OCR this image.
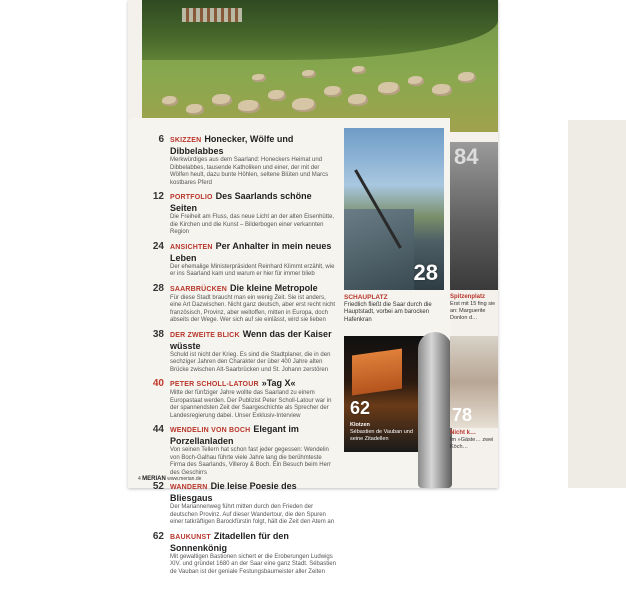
6 SKIZZEN Honecker, Wölfe und Dibbelabbes
Merkwürdiges aus dem Saarland: Honeckers Heimat und Dibbelabbes, tausende Katholiken und einer, der mit der Wölfen heult, dazu bunte Höhlen, seltene Blüten und Marcs kostbares Pferd
12 PORTFOLIO Des Saarlands schöne Seiten
Die Freiheit am Fluss, das neue Licht an der alten Eisenhütte, die Kirchen und die Kunst – Bilderbogen einer verkannten Region
24 ANSICHTEN Per Anhalter in mein neues Leben
Der ehemalige Ministerpräsident Reinhard Klimmt erzählt, wie er ins Saarland kam und warum er hier für immer blieb
28 SAARBRÜCKEN Die kleine Metropole
Für diese Stadt braucht man ein wenig Zeit. Sie ist anders, eine Art Dazwischen. Nicht ganz deutsch, aber erst recht nicht französisch, Provinz, aber weltoffen, mitten in Europa, doch abseits der Wege. Wer sich auf sie einlässt, wird sie lieben
38 DER ZWEITE BLICK Wenn das der Kaiser wüsste
Schuld ist nicht der Krieg. Es sind die Stadtplaner, die in den sechziger Jahren den Charakter der über 400 Jahre alten Brücke zwischen Alt-Saarbrücken und St. Johann zerstören
40 PETER SCHOLL-LATOUR »Tag X«
Mitte der fünfziger Jahre wollte das Saarland zu einem Europastaat werden. Der Publizist Peter Scholl-Latour war in der spannendsten Zeit der Saargeschichte als Sprecher der Landesregierung dabei. Unser Exklusiv-Interview
44 WENDELIN VON BOCH Elegant im Porzellanladen
Von seinen Tellern hat schon fast jeder gegessen: Wendelin von Boch-Galhau führte viele Jahre lang die berühmteste Firma des Saarlands, Villeroy & Boch. Ein Besuch beim Herr des Geschirrs
52 WANDERN Die leise Poesie des Bliesgaus
Der Mariannenweg führt mitten durch den Frieden der deutschen Provinz. Auf dieser Wandertour, die den Spuren einer tatkräftigen Barockfürstin folgt, hält die Zeit den Atem an
62 BAUKUNST Zitadellen für den Sonnenkönig
Mit gewaltigen Bastionen sichert er die Eroberungen Ludwigs XIV. und gründet 1680 an der Saar eine ganz Stadt. Sébastien de Vauban ist der geniale Festungsbaumeister aller Zeiten
28
SCHAUPLATZ
Friedlich fließt die Saar durch die Hauptstadt, vorbei am barocken Hafenkran
62
Klotzen
Sébastien de Vauban und seine Zitadellen
4 MERIAN www.merian.de
84
Spitzenplatz
Erst mit 15 fing sie an: Marguerite Donlon d…
78
Nicht k…
Im »Gäste… zwei Köch…
